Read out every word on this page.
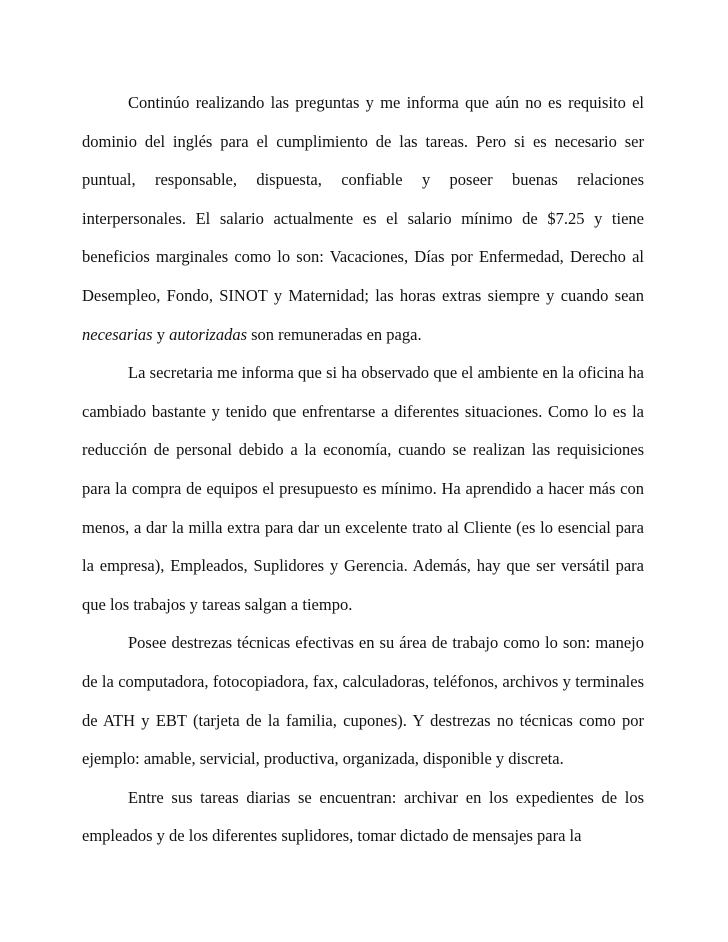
Continúo realizando las preguntas y me informa que aún no es requisito el dominio del inglés para el cumplimiento de las tareas. Pero si es necesario ser puntual, responsable, dispuesta, confiable y poseer buenas relaciones interpersonales. El salario actualmente es el salario mínimo de $7.25 y tiene beneficios marginales como lo son: Vacaciones, Días por Enfermedad, Derecho al Desempleo, Fondo, SINOT y Maternidad; las horas extras siempre y cuando sean necesarias y autorizadas son remuneradas en paga.

La secretaria me informa que si ha observado que el ambiente en la oficina ha cambiado bastante y tenido que enfrentarse a diferentes situaciones. Como lo es la reducción de personal debido a la economía, cuando se realizan las requisiciones para la compra de equipos el presupuesto es mínimo. Ha aprendido a hacer más con menos, a dar la milla extra para dar un excelente trato al Cliente (es lo esencial para la empresa), Empleados, Suplidores y Gerencia. Además, hay que ser versátil para que los trabajos y tareas salgan a tiempo.

Posee destrezas técnicas efectivas en su área de trabajo como lo son: manejo de la computadora, fotocopiadora, fax, calculadoras, teléfonos, archivos y terminales de ATH y EBT (tarjeta de la familia, cupones). Y destrezas no técnicas como por ejemplo: amable, servicial, productiva, organizada, disponible y discreta.

Entre sus tareas diarias se encuentran: archivar en los expedientes de los empleados y de los diferentes suplidores, tomar dictado de mensajes para la
